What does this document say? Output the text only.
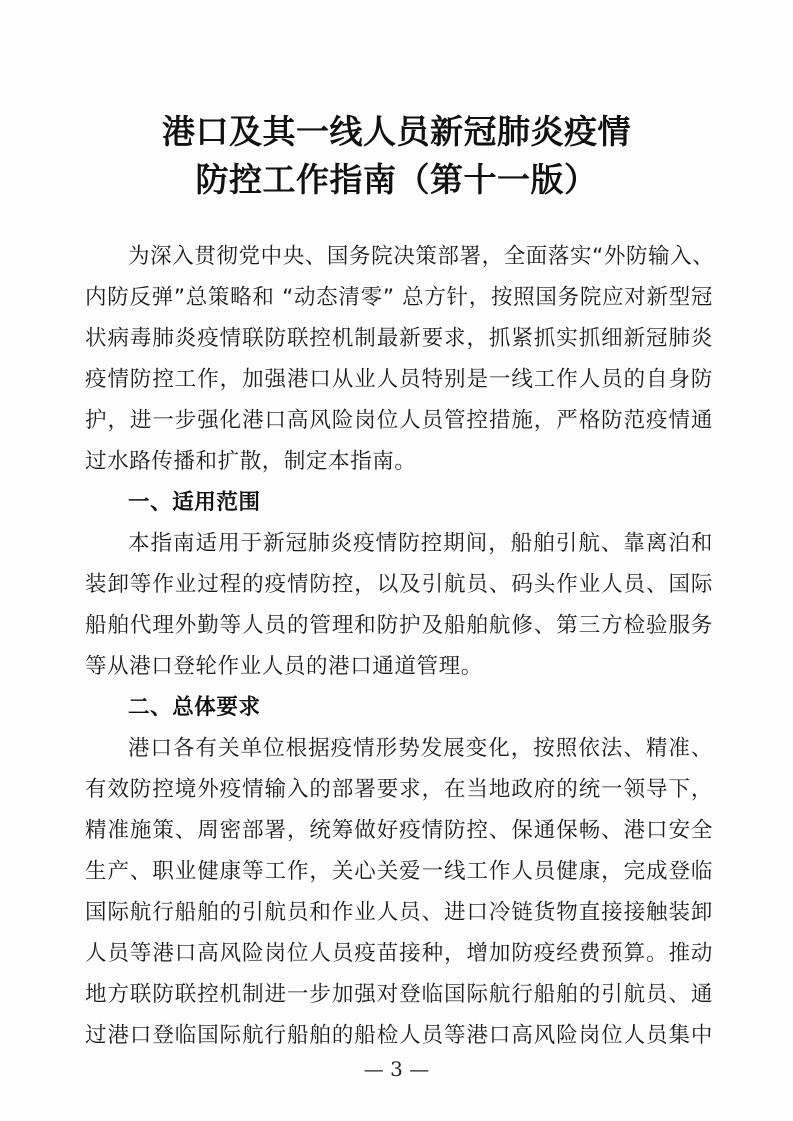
港口及其一线人员新冠肺炎疫情
防控工作指南（第十一版）
为深入贯彻党中央、国务院决策部署，全面落实“外防输入、
内防反弹”总策略和 “动态清零” 总方针，按照国务院应对新型冠
状病毒肺炎疫情联防联控机制最新要求，抓紧抓实抓细新冠肺炎
疫情防控工作，加强港口从业人员特别是一线工作人员的自身防
护，进一步强化港口高风险岗位人员管控措施，严格防范疫情通
过水路传播和扩散，制定本指南。
一、适用范围
本指南适用于新冠肺炎疫情防控期间，船舶引航、靠离泊和
装卸等作业过程的疫情防控，以及引航员、码头作业人员、国际
船舶代理外勤等人员的管理和防护及船舶航修、第三方检验服务
等从港口登轮作业人员的港口通道管理。
二、总体要求
港口各有关单位根据疫情形势发展变化，按照依法、精准、
有效防控境外疫情输入的部署要求，在当地政府的统一领导下，
精准施策、周密部署，统筹做好疫情防控、保通保畅、港口安全
生产、职业健康等工作，关心关爱一线工作人员健康，完成登临
国际航行船舶的引航员和作业人员、进口冷链货物直接接触装卸
人员等港口高风险岗位人员疫苗接种，增加防疫经费预算。推动
地方联防联控机制进一步加强对登临国际航行船舶的引航员、通
过港口登临国际航行船舶的船检人员等港口高风险岗位人员集中
— 3 —
